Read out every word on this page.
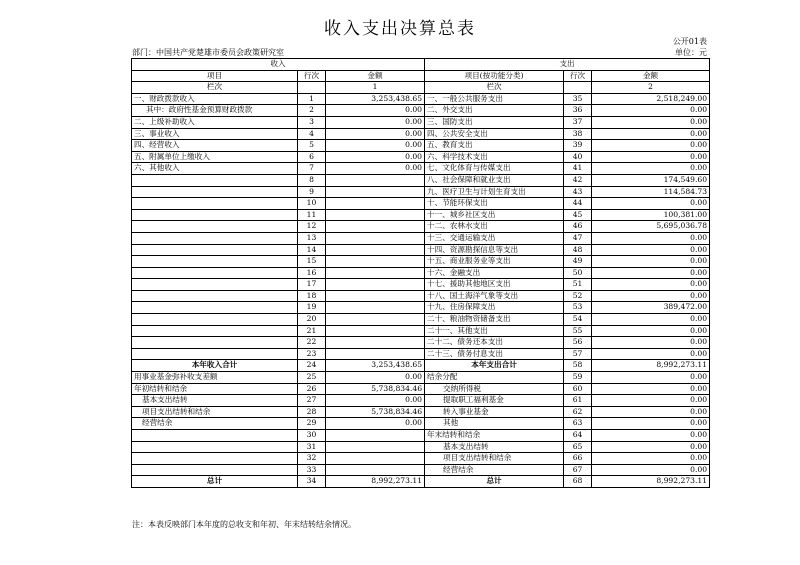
收入支出决算总表
公开01表
部门：中国共产党楚雄市委员会政策研究室	单位：元
收入			支出		
项目	行次	金额	项目(按功能分类)	行次	金额
栏次		1	栏次		2
一、财政拨款收入	1	3,253,438.65	一、一般公共服务支出	35	2,518,249.00
其中：政府性基金预算财政拨款	2	0.00	二、外交支出	36	0.00
二、上级补助收入	3	0.00	三、国防支出	37	0.00
三、事业收入	4	0.00	四、公共安全支出	38	0.00
四、经营收入	5	0.00	五、教育支出	39	0.00
五、附属单位上缴收入	6	0.00	六、科学技术支出	40	0.00
六、其他收入	7	0.00	七、文化体育与传媒支出	41	0.00
	8		八、社会保障和就业支出	42	174,549.60
	9		九、医疗卫生与计划生育支出	43	114,584.73
	10		十、节能环保支出	44	0.00
	11		十一、城乡社区支出	45	100,381.00
	12		十二、农林水支出	46	5,695,036.78
	13		十三、交通运输支出	47	0.00
	14		十四、资源勘探信息等支出	48	0.00
	15		十五、商业服务业等支出	49	0.00
	16		十六、金融支出	50	0.00
	17		十七、援助其他地区支出	51	0.00
	18		十八、国土海洋气象等支出	52	0.00
	19		十九、住房保障支出	53	389,472.00
	20		二十、粮油物资储备支出	54	0.00
	21		二十一、其他支出	55	0.00
	22		二十二、债务还本支出	56	0.00
	23		二十三、债务付息支出	57	0.00
本年收入合计	24	3,253,438.65	本年支出合计	58	8,992,273.11
用事业基金弥补收支差额	25	0.00	结余分配	59	0.00
年初结转和结余	26	5,738,834.46	交纳所得税	60	0.00
基本支出结转	27	0.00	提取职工福利基金	61	0.00
项目支出结转和结余	28	5,738,834.46	转入事业基金	62	0.00
经营结余	29	0.00	其他	63	0.00
	30		年末结转和结余	64	0.00
	31		基本支出结转	65	0.00
	32		项目支出结转和结余	66	0.00
	33		经营结余	67	0.00
总计	34	8,992,273.11	总计	68	8,992,273.11
注：本表反映部门本年度的总收支和年初、年末结转结余情况。
